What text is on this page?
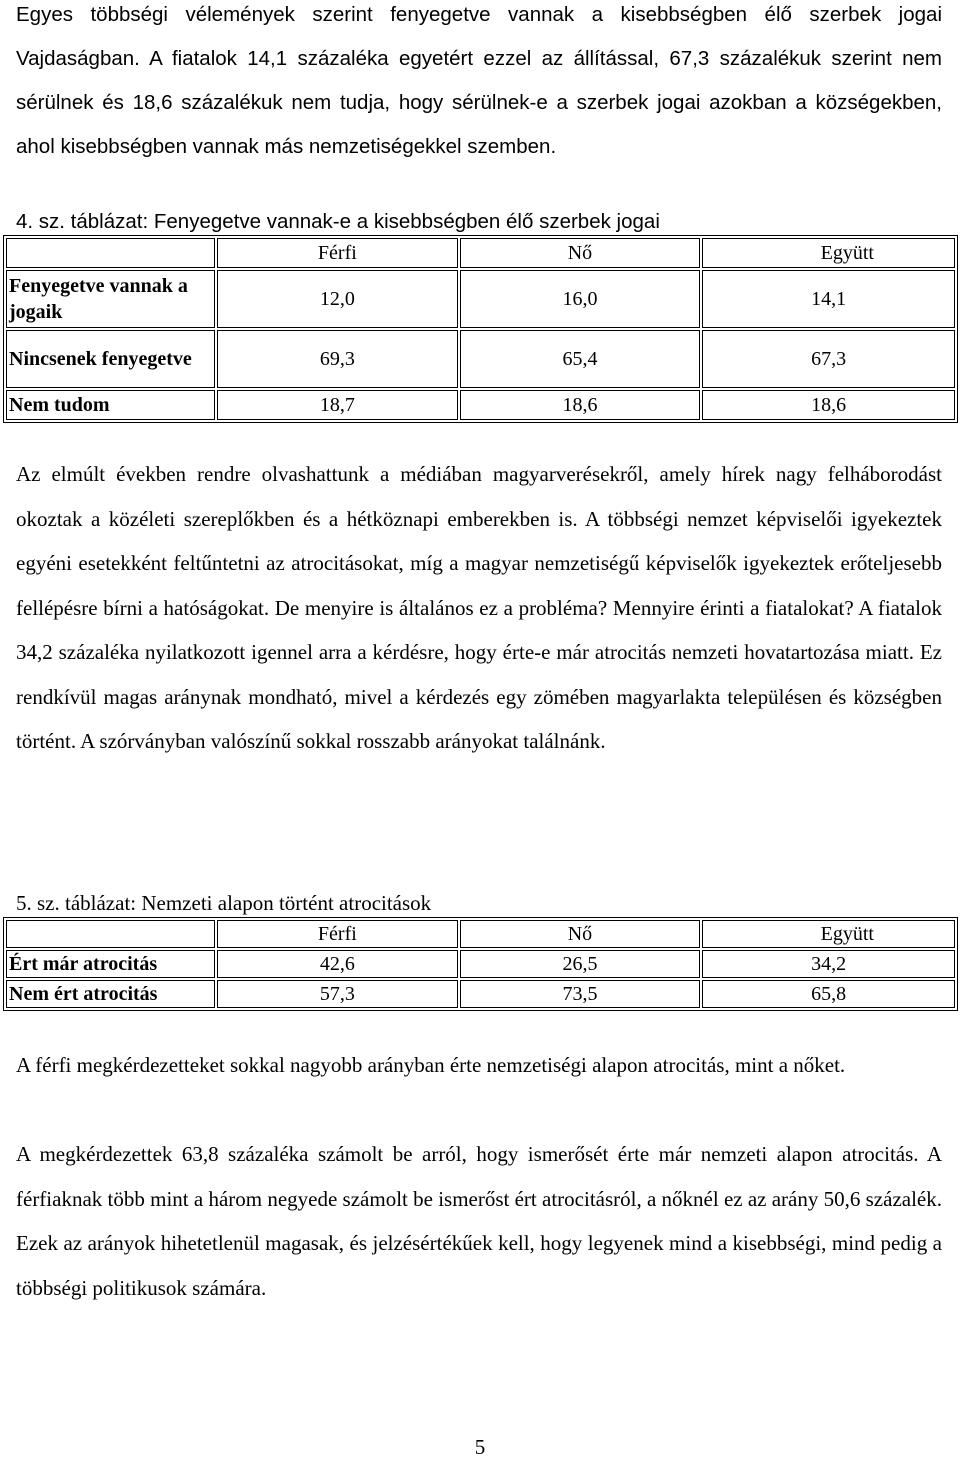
Egyes többségi vélemények szerint fenyegetve vannak a kisebbségben élő szerbek jogai Vajdaságban. A fiatalok 14,1 százaléka egyetért ezzel az állítással, 67,3 százalékuk szerint nem sérülnek és 18,6 százalékuk nem tudja, hogy sérülnek-e a szerbek jogai azokban a községekben, ahol kisebbségben vannak más nemzetiségekkel szemben.

4. sz. táblázat: Fenyegetve vannak-e a kisebbségben élő szerbek jogai

	Férfi	Nő	Együtt
Fenyegetve vannak a jogaik	12,0	16,0	14,1
Nincsenek fenyegetve	69,3	65,4	67,3
Nem tudom	18,7	18,6	18,6

Az elmúlt években rendre olvashattunk a médiában magyarverésekről, amely hírek nagy felháborodást okoztak a közéleti szereplőkben és a hétköznapi emberekben is. A többségi nemzet képviselői igyekeztek egyéni esetekként feltűntetni az atrocitásokat, míg a magyar nemzetiségű képviselők igyekeztek erőteljesebb fellépésre bírni a hatóságokat. De menyire is általános ez a probléma? Mennyire érinti a fiatalokat? A fiatalok 34,2 százaléka nyilatkozott igennel arra a kérdésre, hogy érte-e már atrocitás nemzeti hovatartozása miatt. Ez rendkívül magas aránynak mondható, mivel a kérdezés egy zömében magyarlakta településen és községben történt. A szórványban valószínű sokkal rosszabb arányokat találnánk.

5. sz. táblázat: Nemzeti alapon történt atrocitások

	Férfi	Nő	Együtt
Ért már atrocitás	42,6	26,5	34,2
Nem ért atrocitás	57,3	73,5	65,8

A férfi megkérdezetteket sokkal nagyobb arányban érte nemzetiségi alapon atrocitás, mint a nőket.

A megkérdezettek 63,8 százaléka számolt be arról, hogy ismerősét érte már nemzeti alapon atrocitás. A férfiaknak több mint a három negyede számolt be ismerőst ért atrocitásról, a nőknél ez az arány 50,6 százalék. Ezek az arányok hihetetlenül magasak, és jelzésértékűek kell, hogy legyenek mind a kisebbségi, mind pedig a többségi politikusok számára.

5
